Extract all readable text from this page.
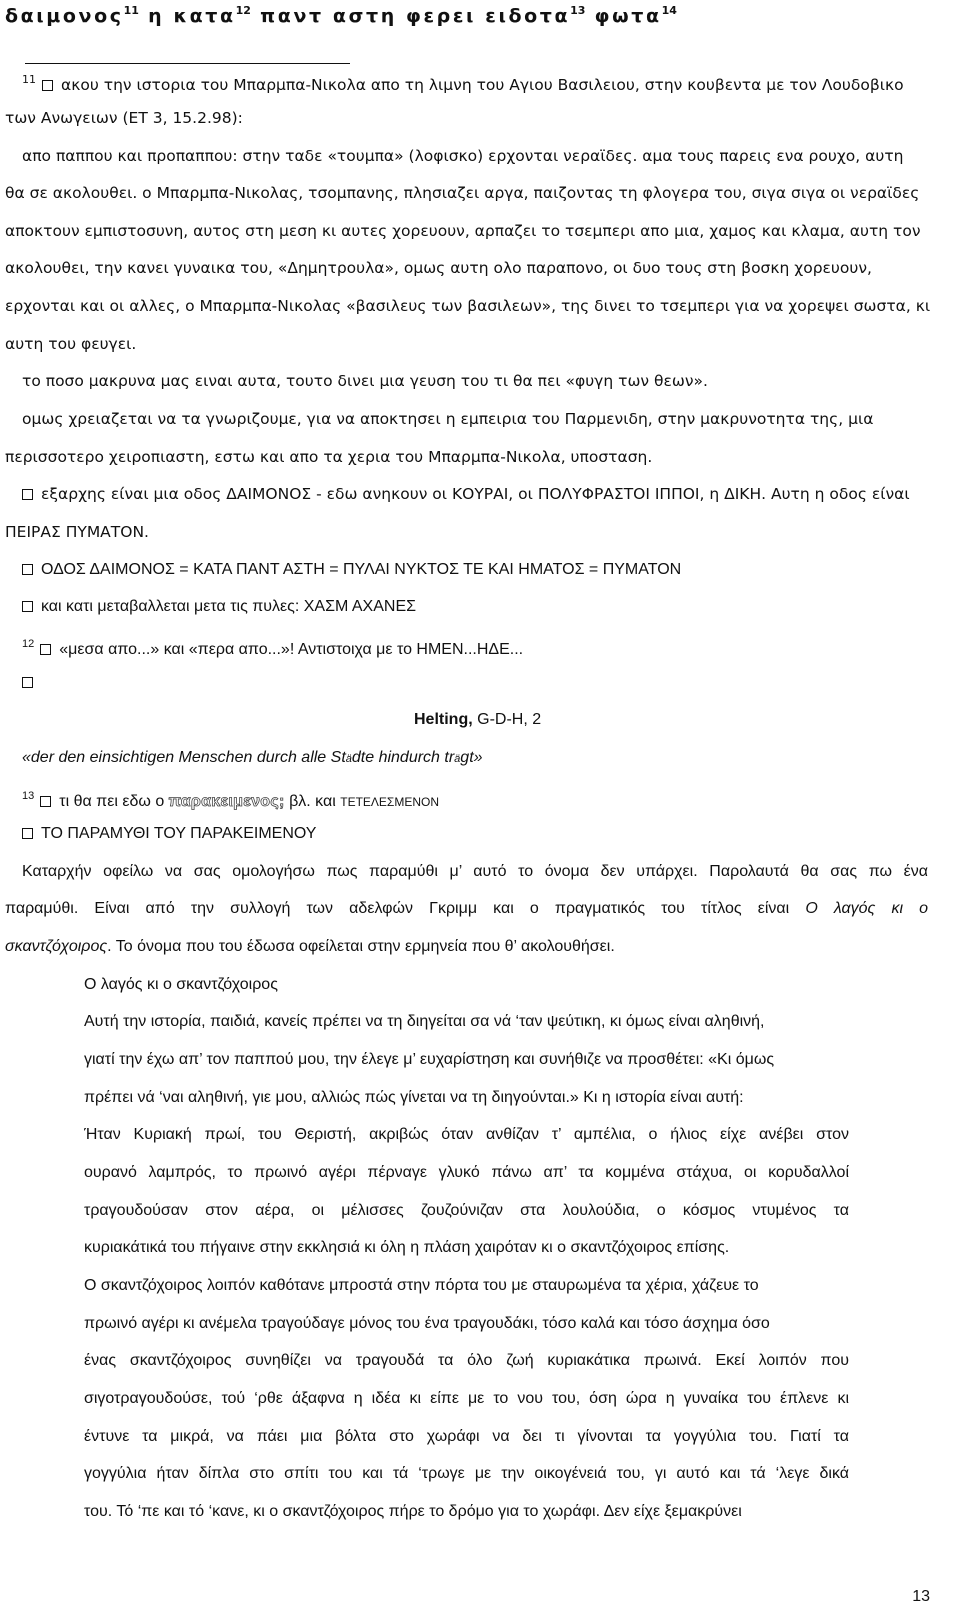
δαιμονος$^{11}$ η κατα$^{12}$ παντ αστη φερει ειδοτα$^{13}$ φωτα$^{14}$
$^{11}$ ακου την ιστορια του Μπαρμπα-Νικολα απο τη λιμνη του Αγιου Βασιλειου, στην κουβεντα με τον Λουδοβικο
των Ανωγειων (ΕΤ 3, 15.2.98):
απο παππου και προπαππου: στην ταδε «τουμπα» (λοφισκο) ερχονται νεραϊδες. αμα τους παρεις ενα ρουχο, αυτη
θα σε ακολουθει. ο Μπαρμπα-Νικολας, τσομπανης, πλησιαζει αργα, παιζοντας τη φλογερα του, σιγα σιγα οι νεραϊδες
αποκτουν εμπιστοσυνη, αυτος στη μεση κι αυτες χορευουν, αρπαζει το τσεμπερι απο μια, χαμος και κλαμα, αυτη τον
ακολουθει, την κανει γυναικα του, «Δημητρουλα», ομως αυτη ολο παραπονο, οι δυο τους στη βοσκη χορευουν,
ερχονται και οι αλλες, ο Μπαρμπα-Νικολας «βασιλευς των βασιλεων», της δινει το τσεμπερι για να χορεψει σωστα, κι
αυτη του φευγει.
το ποσο μακρυνα μας ειναι αυτα, τουτο δινει μια γευση του τι θα πει «φυγη των θεων».
ομως χρειαζεται να τα γνωριζουμε, για να αποκτησει η εμπειρια του Παρμενιδη, στην μακρυνοτητα της, μια
περισσοτερο χειροπιαστη, εστω και απο τα χερια του Μπαρμπα-Νικολα, υποσταση.
εξαρχης είναι μια οδος ΔΑΙΜΟΝΟΣ - εδω ανηκουν οι ΚΟΥΡΑΙ, οι ΠΟΛΥΦΡΑΣΤΟΙ ΙΠΠΟΙ, η ΔΙΚΗ. Αυτη η οδος είναι
ΠΕΙΡΑΣ ΠΥΜΑΤΟΝ.
ΟΔΟΣ ΔΑΙΜΟΝΟΣ = ΚΑΤΑ ΠΑΝΤ ΑΣΤΗ = ΠΥΛΑΙ ΝΥΚΤΟΣ ΤΕ ΚΑΙ ΗΜΑΤΟΣ = ΠΥΜΑΤΟΝ
και κατι μεταβαλλεται μετα τις πυλες: ΧΑΣΜ ΑΧΑΝΕΣ
$^{12}$ «μεσα απο...» και «περα απο...»! Αντιστοιχα με το ΗΜΕΝ...ΗΔΕ...
Helting, G-D-H, 2
«der den einsichtigen Menschen durch alle Städte hindurch trägt»
$^{13}$ τι θα πει εδω ο παρακειμενος; βλ. και ΤΕΤΕΛΕΣΜΕΝΟΝ
ΤΟ ΠΑΡΑΜΥΘΙ ΤΟΥ ΠΑΡΑΚΕΙΜΕΝΟΥ
Καταρχήν οφείλω να σας ομολογήσω πως παραμύθι μ’ αυτό το όνομα δεν υπάρχει. Παρολαυτά θα σας πω ένα
παραμύθι. Είναι από την συλλογή των αδελφών Γκριμμ και ο πραγματικός του τίτλος είναι Ο λαγός κι ο
σκαντζόχοιρος. Το όνομα που του έδωσα οφείλεται στην ερμηνεία που θ’ ακολουθήσει.
Ο λαγός κι ο σκαντζόχοιρος
Αυτή την ιστορία, παιδιά, κανείς πρέπει να τη διηγείται σα νά ‘ταν ψεύτικη, κι όμως είναι αληθινή,
γιατί την έχω απ’ τον παππού μου, την έλεγε μ’ ευχαρίστηση και συνήθιζε να προσθέτει: «Κι όμως
πρέπει νά ‘ναι αληθινή, γιε μου, αλλιώς πώς γίνεται να τη διηγούνται.» Κι η ιστορία είναι αυτή:
Ήταν Κυριακή πρωί, του Θεριστή, ακριβώς όταν ανθίζαν τ’ αμπέλια, ο ήλιος είχε ανέβει στον
ουρανό λαμπρός, το πρωινό αγέρι πέρναγε γλυκό πάνω απ’ τα κομμένα στάχυα, οι κορυδαλλοί
τραγουδούσαν στον αέρα, οι μέλισσες ζουζούνιζαν στα λουλούδια, ο κόσμος ντυμένος τα
κυριακάτικά του πήγαινε στην εκκλησιά κι όλη η πλάση χαιρόταν κι ο σκαντζόχοιρος επίσης.
Ο σκαντζόχοιρος λοιπόν καθότανε μπροστά στην πόρτα του με σταυρωμένα τα χέρια, χάζευε το
πρωινό αγέρι κι ανέμελα τραγούδαγε μόνος του ένα τραγουδάκι, τόσο καλά και τόσο άσχημα όσο
ένας σκαντζόχοιρος συνηθίζει να τραγουδά τα όλο ζωή κυριακάτικα πρωινά. Εκεί λοιπόν που
σιγοτραγουδούσε, τού ‘ρθε άξαφνα η ιδέα κι είπε με το νου του, όση ώρα η γυναίκα του έπλενε κι
έντυνε τα μικρά, να πάει μια βόλτα στο χωράφι να δει τι γίνονται τα γογγύλια του. Γιατί τα
γογγύλια ήταν δίπλα στο σπίτι του και τά ‘τρωγε με την οικογένειά του, γι αυτό και τά ‘λεγε δικά
του. Τό ‘πε και τό ‘κανε, κι ο σκαντζόχοιρος πήρε το δρόμο για το χωράφι. Δεν είχε ξεμακρύνει
13
